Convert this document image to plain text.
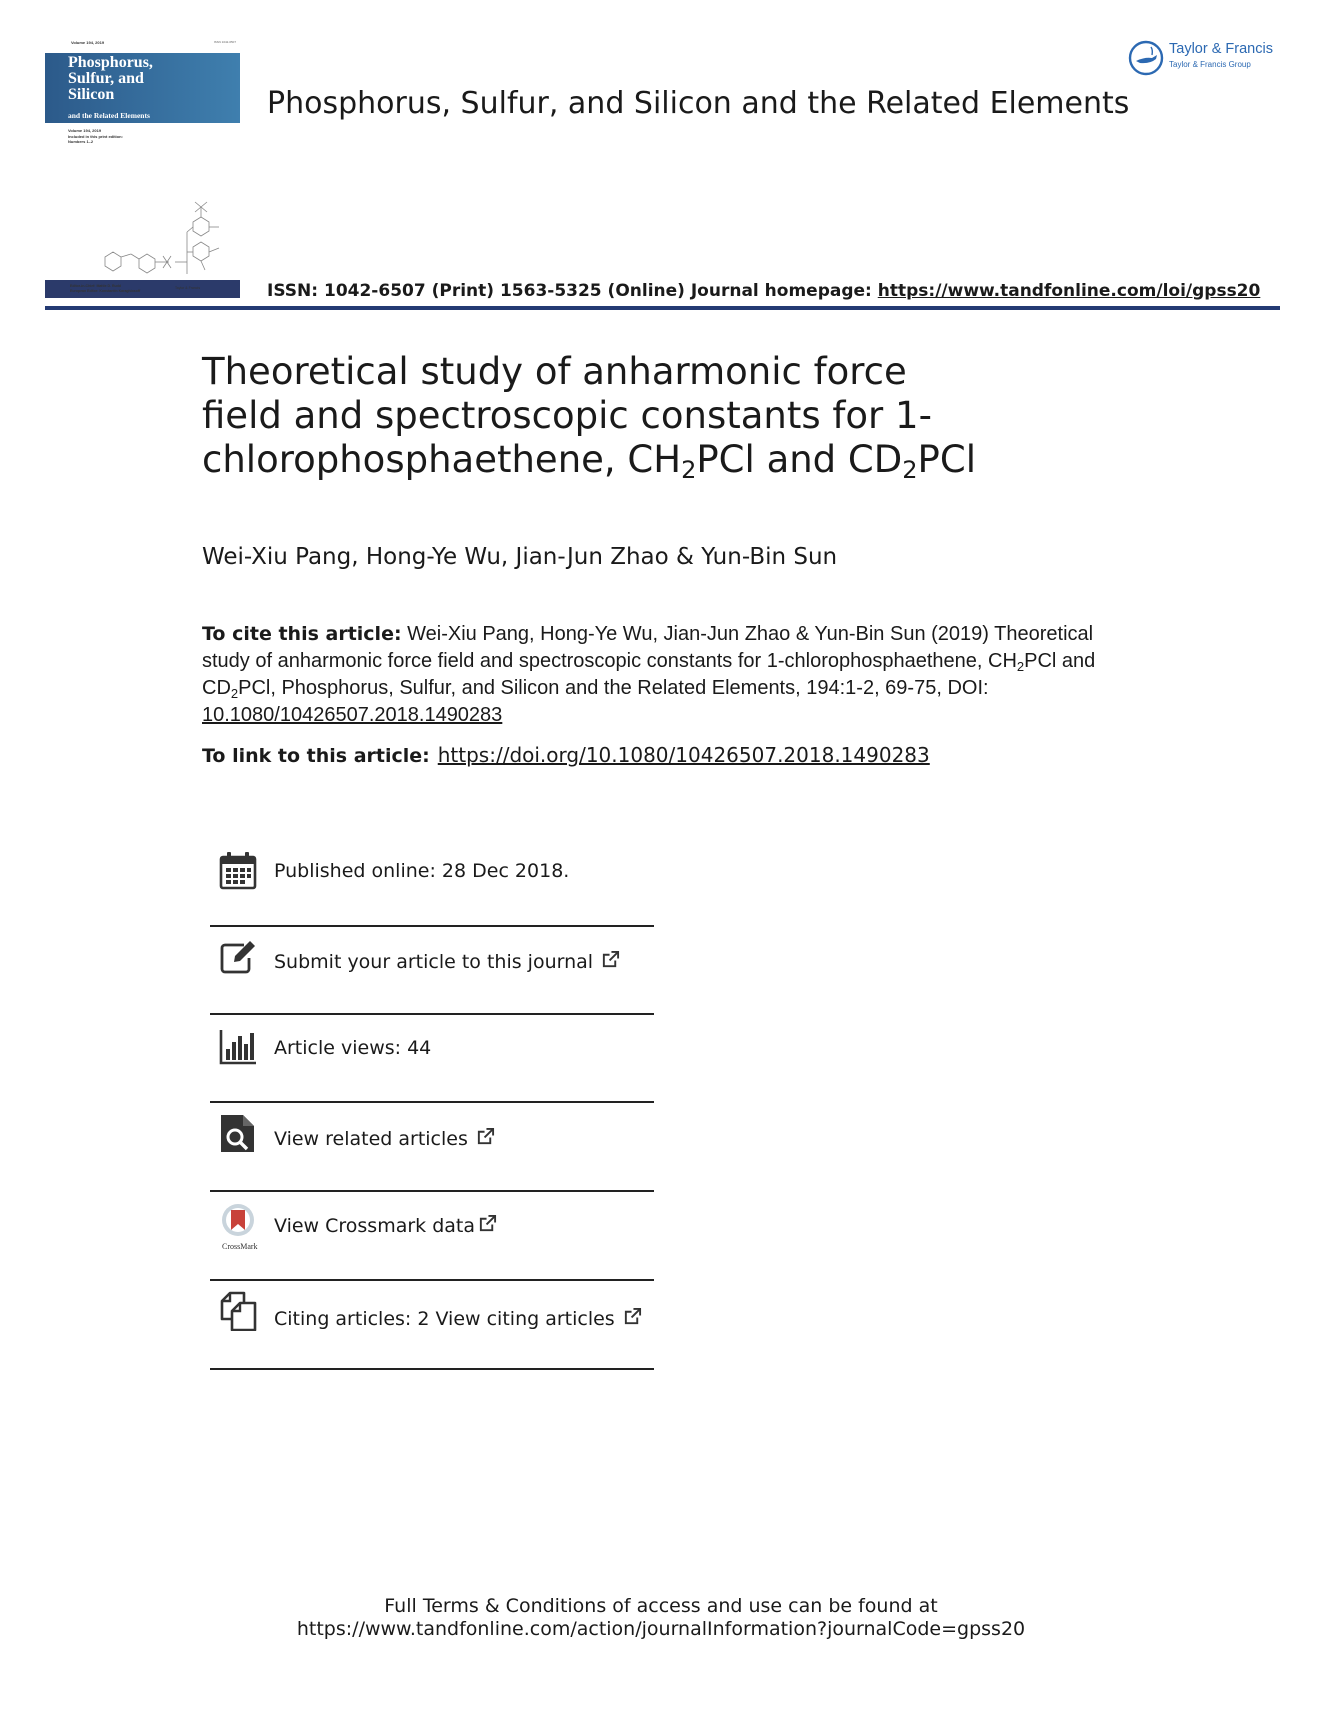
Volume 194, 2019	ISSN 1042-6507
Phosphorus,
Sulfur, and
Silicon
and the Related Elements
Volume 194, 2019
Included in this print edition:
Numbers 1–2
Editor-in-Chief: Mattie D. Rudd
European Editor: Konstantin Karaghiosoff
Taylor & Francis
Phosphorus, Sulfur, and Silicon and the Related Elements
Taylor & Francis
Taylor & Francis Group
ISSN: 1042-6507 (Print) 1563-5325 (Online) Journal homepage: https://www.tandfonline.com/loi/gpss20
Theoretical study of anharmonic force
field and spectroscopic constants for 1-
chlorophosphaethene, $CH_2PCl$ and $CD_2PCl$
Wei-Xiu Pang, Hong-Ye Wu, Jian-Jun Zhao & Yun-Bin Sun
To cite this article: Wei-Xiu Pang, Hong-Ye Wu, Jian-Jun Zhao & Yun-Bin Sun (2019) Theoretical study of anharmonic force field and spectroscopic constants for 1-chlorophosphaethene, $CH_2PCl$ and $CD_2PCl$, Phosphorus, Sulfur, and Silicon and the Related Elements, 194:1-2, 69-75, DOI: 10.1080/10426507.2018.1490283
To link to this article: https://doi.org/10.1080/10426507.2018.1490283
Published online: 28 Dec 2018.
Submit your article to this journal
Article views: 44
View related articles
CrossMark
View Crossmark data
Citing articles: 2 View citing articles
Full Terms & Conditions of access and use can be found at
https://www.tandfonline.com/action/journalInformation?journalCode=gpss20
